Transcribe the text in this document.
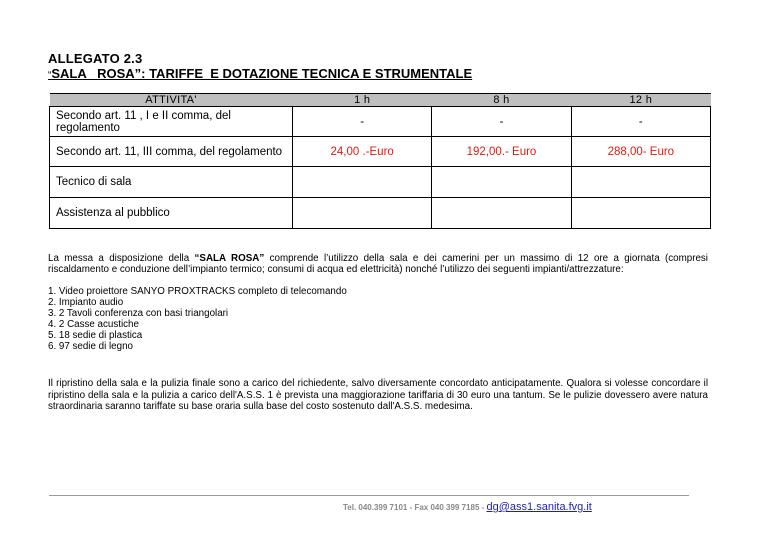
ALLEGATO 2.3
“SALA   ROSA”: TARIFFE  E DOTAZIONE TECNICA E STRUMENTALE
ATTIVITA'	1 h	8 h	12 h
Secondo art. 11 , I e II comma, del regolamento	-	-	-
Secondo art. 11, III comma, del regolamento	24,00 .-Euro	192,00.- Euro	288,00- Euro
Tecnico di sala			
Assistenza al pubblico			
La messa a disposizione della “SALA ROSA” comprende l’utilizzo della sala e dei camerini per un massimo di 12 ore a giornata (compresi riscaldamento e conduzione dell’impianto termico; consumi di acqua ed elettricità) nonché l’utilizzo dei seguenti impianti/attrezzature:
1. Video proiettore SANYO PROXTRACKS completo di telecomando
2. Impianto audio
3. 2 Tavoli conferenza con basi triangolari
4. 2 Casse acustiche
5. 18 sedie di plastica
6. 97 sedie di legno
Il ripristino della sala e la pulizia finale sono a carico del richiedente, salvo diversamente concordato anticipatamente. Qualora si volesse concordare il ripristino della sala e la pulizia a carico dell'A.S.S. 1 è prevista una maggiorazione tariffaria di 30 euro una tantum. Se le pulizie dovessero avere natura straordinaria saranno tariffate su base oraria sulla base del costo sostenuto dall'A.S.S. medesima.
Tel. 040.399 7101 - Fax 040 399 7185 - dg@ass1.sanita.fvg.it
